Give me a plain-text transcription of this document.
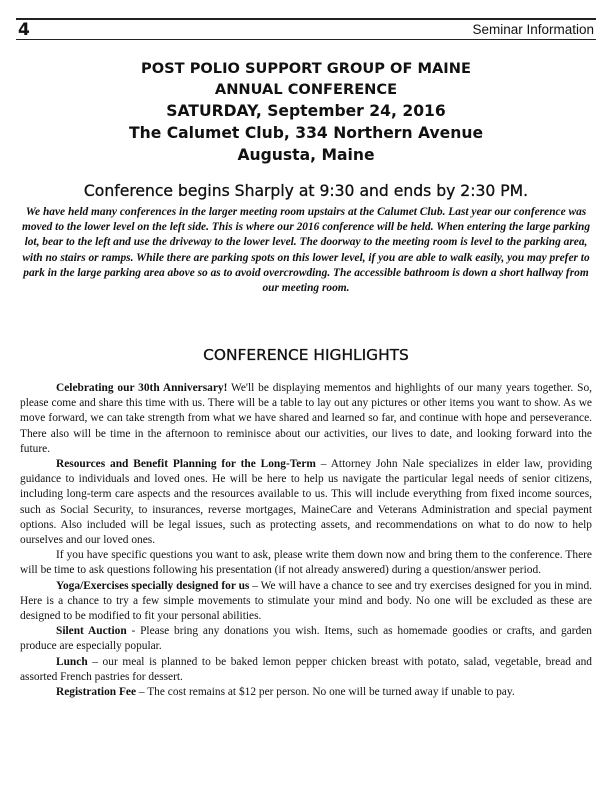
4	Seminar Information
POST POLIO SUPPORT GROUP OF MAINE
ANNUAL CONFERENCE
SATURDAY, September 24, 2016
The Calumet Club, 334 Northern Avenue
Augusta, Maine
Conference begins Sharply at 9:30 and ends by 2:30 PM.
We have held many conferences in the larger meeting room upstairs at the Calumet Club. Last year our conference was moved to the lower level on the left side. This is where our 2016 conference will be held. When entering the large parking lot, bear to the left and use the driveway to the lower level. The doorway to the meeting room is level to the parking area, with no stairs or ramps. While there are parking spots on this lower level, if you are able to walk easily, you may prefer to park in the large parking area above so as to avoid overcrowding. The accessible bathroom is down a short hallway from our meeting room.
CONFERENCE HIGHLIGHTS

Celebrating our 30th Anniversary! We'll be displaying mementos and highlights of our many years together. So, please come and share this time with us. There will be a table to lay out any pictures or other items you want to show. As we move forward, we can take strength from what we have shared and learned so far, and continue with hope and perseverance. There also will be time in the afternoon to reminisce about our activities, our lives to date, and looking forward into the future.

Resources and Benefit Planning for the Long-Term – Attorney John Nale specializes in elder law, providing guidance to individuals and loved ones. He will be here to help us navigate the particular legal needs of senior citizens, including long-term care aspects and the resources available to us. This will include everything from fixed income sources, such as Social Security, to insurances, reverse mortgages, MaineCare and Veterans Administration and special payment options. Also included will be legal issues, such as protecting assets, and recommendations on what to do now to help ourselves and our loved ones.

If you have specific questions you want to ask, please write them down now and bring them to the conference. There will be time to ask questions following his presentation (if not already answered) during a question/answer period.

Yoga/Exercises specially designed for us – We will have a chance to see and try exercises designed for you in mind. Here is a chance to try a few simple movements to stimulate your mind and body. No one will be excluded as these are designed to be modified to fit your personal abilities.

Silent Auction - Please bring any donations you wish. Items, such as homemade goodies or crafts, and garden produce are especially popular.

Lunch – our meal is planned to be baked lemon pepper chicken breast with potato, salad, vegetable, bread and assorted French pastries for dessert.

Registration Fee – The cost remains at $12 per person. No one will be turned away if unable to pay.
